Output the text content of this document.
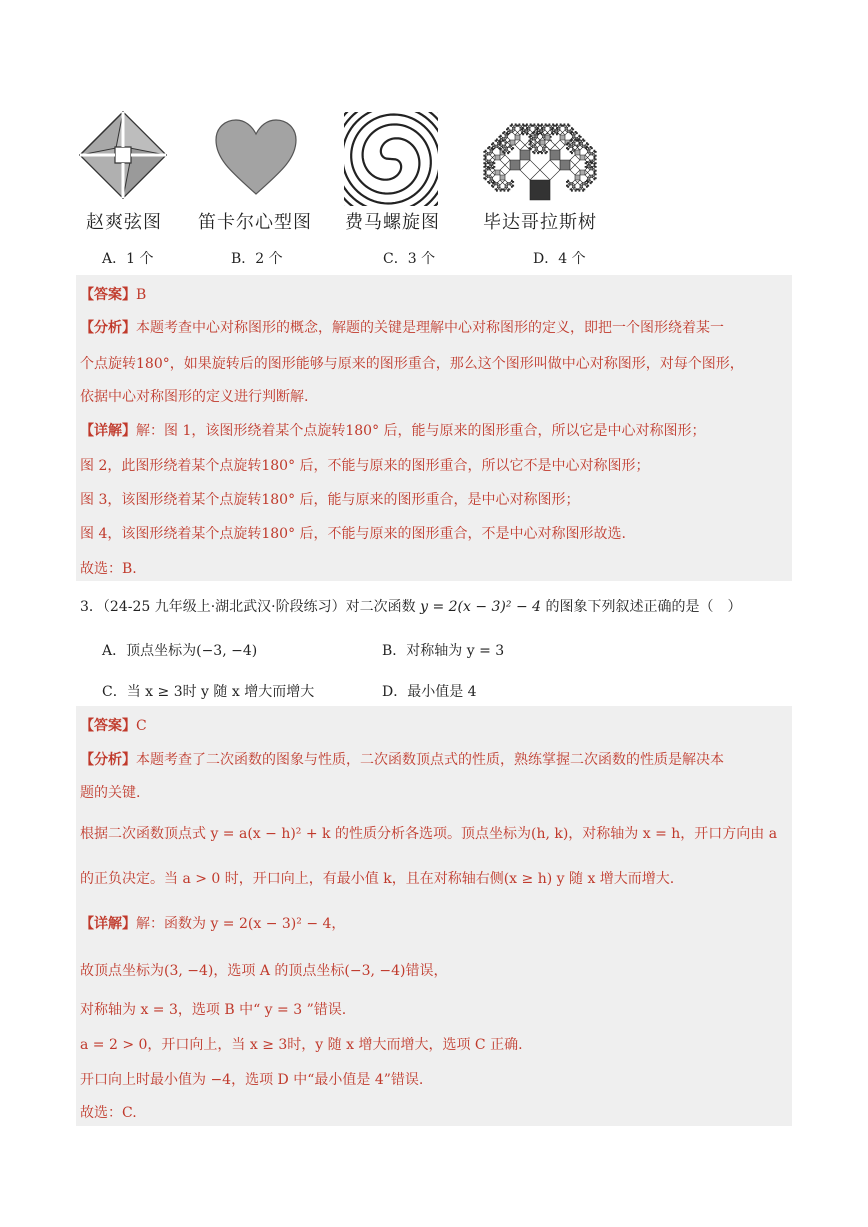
赵爽弦图 笛卡尔心型图 费马螺旋图 毕达哥拉斯树
A．1 个	B．2 个	C．3 个	D．4 个
【答案】B
【分析】本题考查中心对称图形的概念，解题的关键是理解中心对称图形的定义，即把一个图形绕着某一
个点旋转180°，如果旋转后的图形能够与原来的图形重合，那么这个图形叫做中心对称图形，对每个图形，
依据中心对称图形的定义进行判断解.
【详解】解：图 1，该图形绕着某个点旋转180° 后，能与原来的图形重合，所以它是中心对称图形；
图 2，此图形绕着某个点旋转180° 后，不能与原来的图形重合，所以它不是中心对称图形；
图 3，该图形绕着某个点旋转180° 后，能与原来的图形重合，是中心对称图形；
图 4，该图形绕着某个点旋转180° 后，不能与原来的图形重合，不是中心对称图形故选.
故选：B.
3．（24-25 九年级上·湖北武汉·阶段练习）对二次函数 y = 2(x − 3)² − 4 的图象下列叙述正确的是（　）
A．顶点坐标为(−3, −4)	B．对称轴为 y = 3
C．当 x ≥ 3时 y 随 x 增大而增大	D．最小值是 4
【答案】C
【分析】本题考查了二次函数的图象与性质，二次函数顶点式的性质，熟练掌握二次函数的性质是解决本
题的关键.
根据二次函数顶点式 y = a(x − h)² + k 的性质分析各选项。顶点坐标为(h, k)，对称轴为 x = h，开口方向由 a
的正负决定。当 a > 0 时，开口向上，有最小值 k，且在对称轴右侧(x ≥ h) y 随 x 增大而增大.
【详解】解：函数为 y = 2(x − 3)² − 4，
故顶点坐标为(3, −4)，选项 A 的顶点坐标(−3, −4)错误，
对称轴为 x = 3，选项 B 中“ y = 3 ”错误.
a = 2 > 0，开口向上，当 x ≥ 3时，y 随 x 增大而增大，选项 C 正确.
开口向上时最小值为 −4，选项 D 中“最小值是 4”错误.
故选：C.
